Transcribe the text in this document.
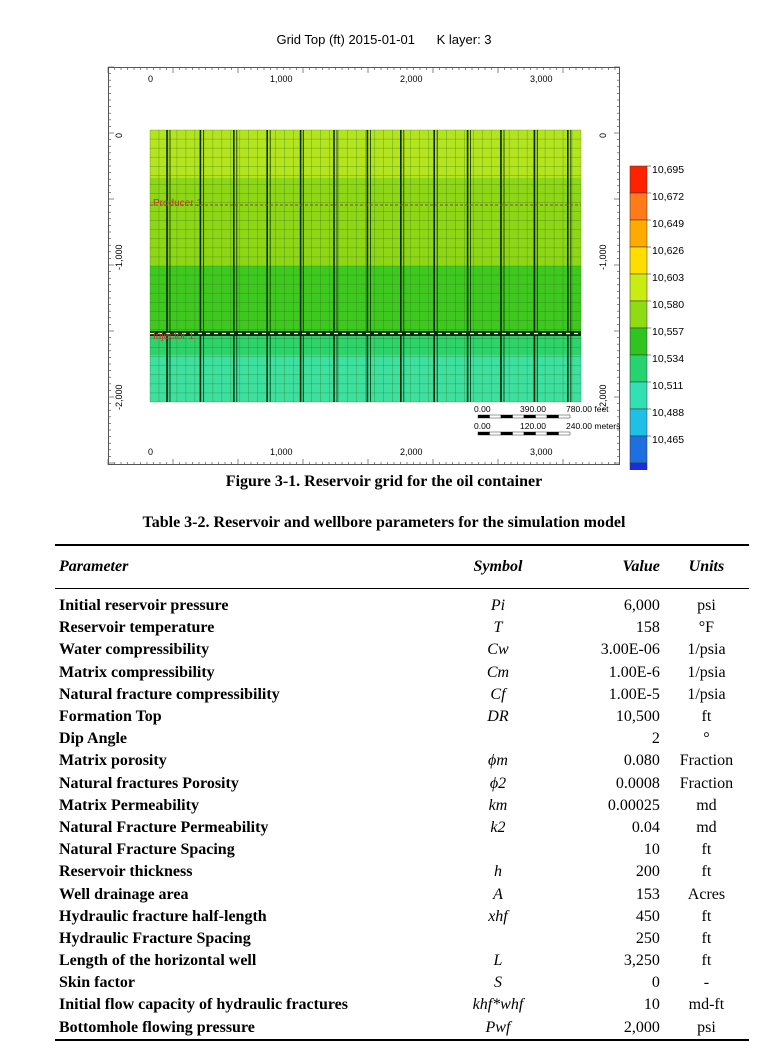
Grid Top (ft) 2015-01-01      K layer: 3
0
0
1,000
1,000
2,000
2,000
3,000
3,000
0
-1,000
-2,000
0
-1,000
-2,000
Producer 1
Injector 1
10,695
10,672
10,649
10,626
10,603
10,580
10,557
10,534
10,511
10,488
10,465
0.00	390.00 780.00 feet
0.00	120.00 240.00 meters
Figure 3-1. Reservoir grid for the oil container
Table 3-2. Reservoir and wellbore parameters for the simulation model
Parameter	Symbol	Value	Units
Initial reservoir pressure	Pi	6,000	psi
Reservoir temperature	T	158	°F
Water compressibility	Cw	3.00E-06	1/psia
Matrix compressibility	Cm	1.00E-6	1/psia
Natural fracture compressibility	Cf	1.00E-5	1/psia
Formation Top	DR	10,500	ft
Dip Angle		2	°
Matrix porosity	ϕm	0.080	Fraction
Natural fractures Porosity	ϕ2	0.0008	Fraction
Matrix Permeability	km	0.00025	md
Natural Fracture Permeability	k2	0.04	md
Natural Fracture Spacing		10	ft
Reservoir thickness	h	200	ft
Well drainage area	A	153	Acres
Hydraulic fracture half-length	xhf	450	ft
Hydraulic Fracture Spacing		250	ft
Length of the horizontal well	L	3,250	ft
Skin factor	S	0	-
Initial flow capacity of hydraulic fractures	khf*whf	10	md-ft
Bottomhole flowing pressure	Pwf	2,000	psi
